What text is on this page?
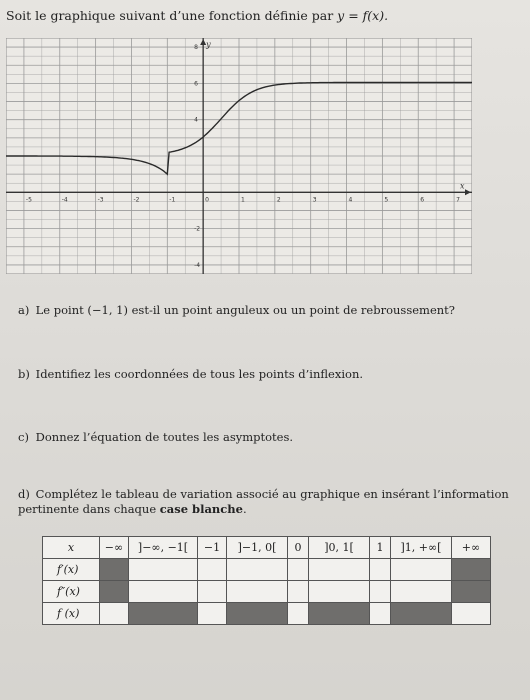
Soit le graphique suivant d’une fonction définie par y = f(x).
x
y
-5	-4	-3	-2	-1	0	1	2	3	4	5	6	7
8
6
4
-2
-4
a) Le point (−1, 1) est-il un point anguleux ou un point de rebroussement?
b) Identifiez les coordonnées de tous les points d’inflexion.
c) Donnez l’équation de toutes les asymptotes.
d) Complétez le tableau de variation associé au graphique en insérant l’information pertinente dans chaque case blanche.
x	−∞	]−∞, −1[	−1	]−1, 0[	0	]0, 1[	1	]1, +∞[	+∞
f′(x)									
f″(x)									
f (x)									
